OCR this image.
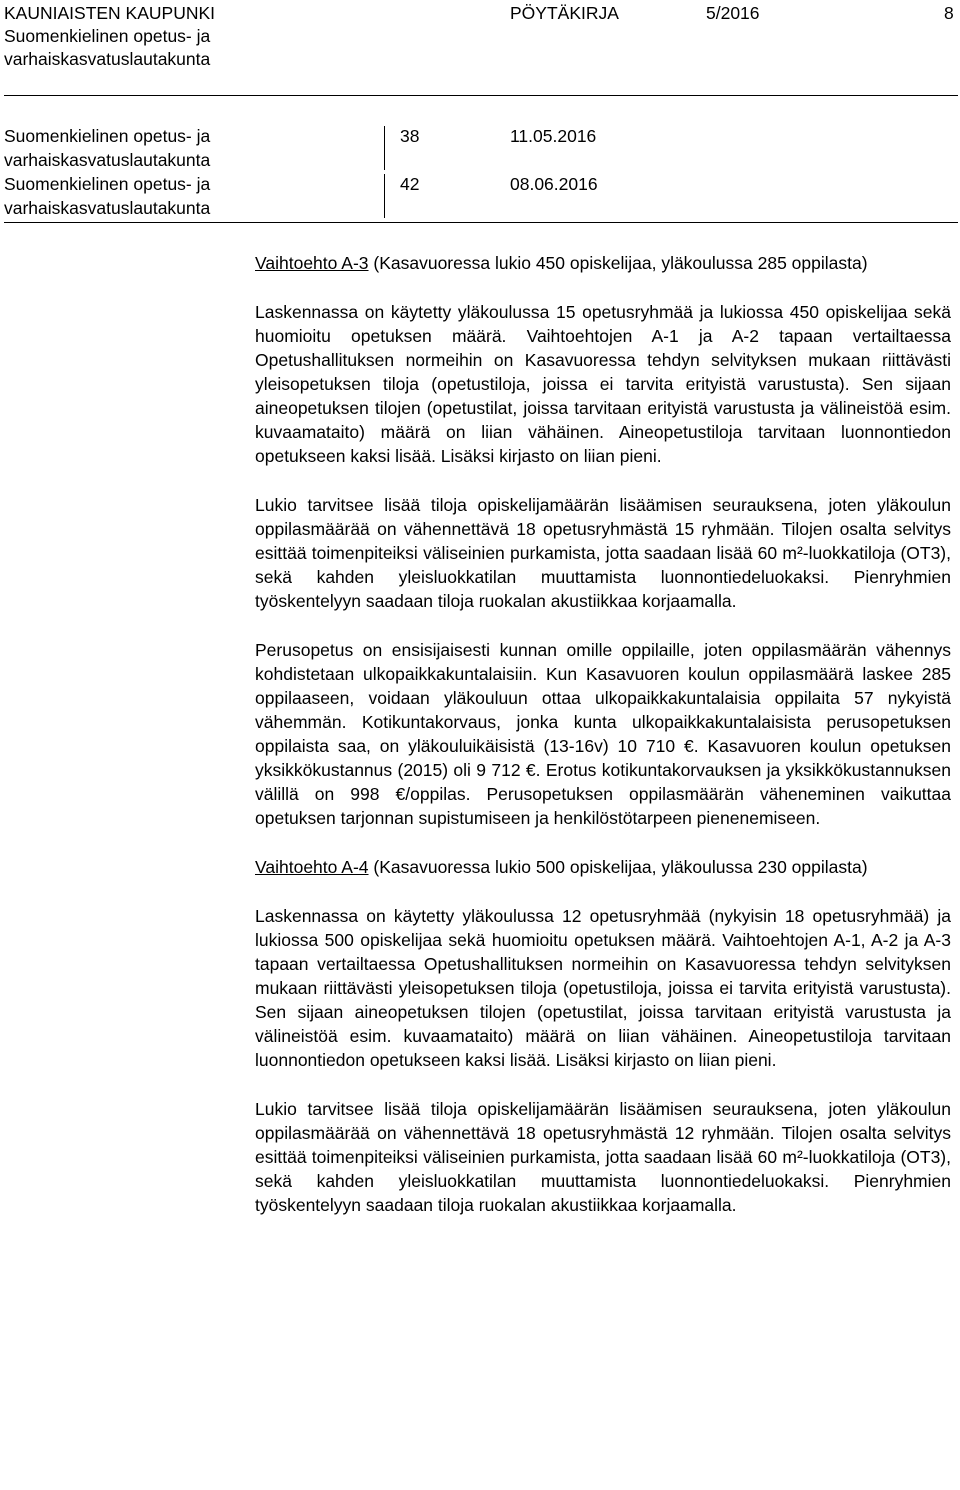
KAUNIAISTEN KAUPUNKI
Suomenkielinen opetus- ja
varhaiskasvatuslautakunta
PÖYTÄKIRJA	5/2016	8
Suomenkielinen opetus- ja
varhaiskasvatuslautakunta
38	11.05.2016
Suomenkielinen opetus- ja
varhaiskasvatuslautakunta
42	08.06.2016

Vaihtoehto A-3 (Kasavuoressa lukio 450 opiskelijaa, yläkoulussa 285 oppilasta)

Laskennassa on käytetty yläkoulussa 15 opetusryhmää ja lukiossa 450 opiskelijaa sekä huomioitu opetuksen määrä. Vaihtoehtojen A-1 ja A-2 tapaan vertailtaessa Opetushallituksen normeihin on Kasavuoressa tehdyn selvityksen mukaan riittävästi yleisopetuksen tiloja (opetustiloja, joissa ei tarvita erityistä varustusta). Sen sijaan aineopetuksen tilojen (opetustilat, joissa tarvitaan erityistä varustusta ja välineistöä esim. kuvaamataito) määrä on liian vähäinen. Aineopetustiloja tarvitaan luonnontiedon opetukseen kaksi lisää. Lisäksi kirjasto on liian pieni.

Lukio tarvitsee lisää tiloja opiskelijamäärän lisäämisen seurauksena, joten yläkoulun oppilasmäärää on vähennettävä 18 opetusryhmästä 15 ryhmään. Tilojen osalta selvitys esittää toimenpiteiksi väliseinien purkamista, jotta saadaan lisää 60 m²-luokkatiloja (OT3), sekä kahden yleisluokkatilan muuttamista luonnontiedeluokaksi. Pienryhmien työskentelyyn saadaan tiloja ruokalan akustiikkaa korjaamalla.

Perusopetus on ensisijaisesti kunnan omille oppilaille, joten oppilasmäärän vähennys kohdistetaan ulkopaikkakuntalaisiin. Kun Kasavuoren koulun oppilasmäärä laskee 285 oppilaaseen, voidaan yläkouluun ottaa ulkopaikkakuntalaisia oppilaita 57 nykyistä vähemmän. Kotikuntakorvaus, jonka kunta ulkopaikkakuntalaisista perusopetuksen oppilaista saa, on yläkouluikäisistä (13-16v) 10 710 €. Kasavuoren koulun opetuksen yksikkökustannus (2015) oli 9 712 €. Erotus kotikuntakorvauksen ja yksikkökustannuksen välillä on 998 €/oppilas. Perusopetuksen oppilasmäärän väheneminen vaikuttaa opetuksen tarjonnan supistumiseen ja henkilöstötarpeen pienenemiseen.

Vaihtoehto A-4 (Kasavuoressa lukio 500 opiskelijaa, yläkoulussa 230 oppilasta)

Laskennassa on käytetty yläkoulussa 12 opetusryhmää (nykyisin 18 opetusryhmää) ja lukiossa 500 opiskelijaa sekä huomioitu opetuksen määrä. Vaihtoehtojen A-1, A-2 ja A-3 tapaan vertailtaessa Opetushallituksen normeihin on Kasavuoressa tehdyn selvityksen mukaan riittävästi yleisopetuksen tiloja (opetustiloja, joissa ei tarvita erityistä varustusta). Sen sijaan aineopetuksen tilojen (opetustilat, joissa tarvitaan erityistä varustusta ja välineistöä esim. kuvaamataito) määrä on liian vähäinen. Aineopetustiloja tarvitaan luonnontiedon opetukseen kaksi lisää. Lisäksi kirjasto on liian pieni.

Lukio tarvitsee lisää tiloja opiskelijamäärän lisäämisen seurauksena, joten yläkoulun oppilasmäärää on vähennettävä 18 opetusryhmästä 12 ryhmään. Tilojen osalta selvitys esittää toimenpiteiksi väliseinien purkamista, jotta saadaan lisää 60 m²-luokkatiloja (OT3), sekä kahden yleisluokkatilan muuttamista luonnontiedeluokaksi. Pienryhmien työskentelyyn saadaan tiloja ruokalan akustiikkaa korjaamalla.
